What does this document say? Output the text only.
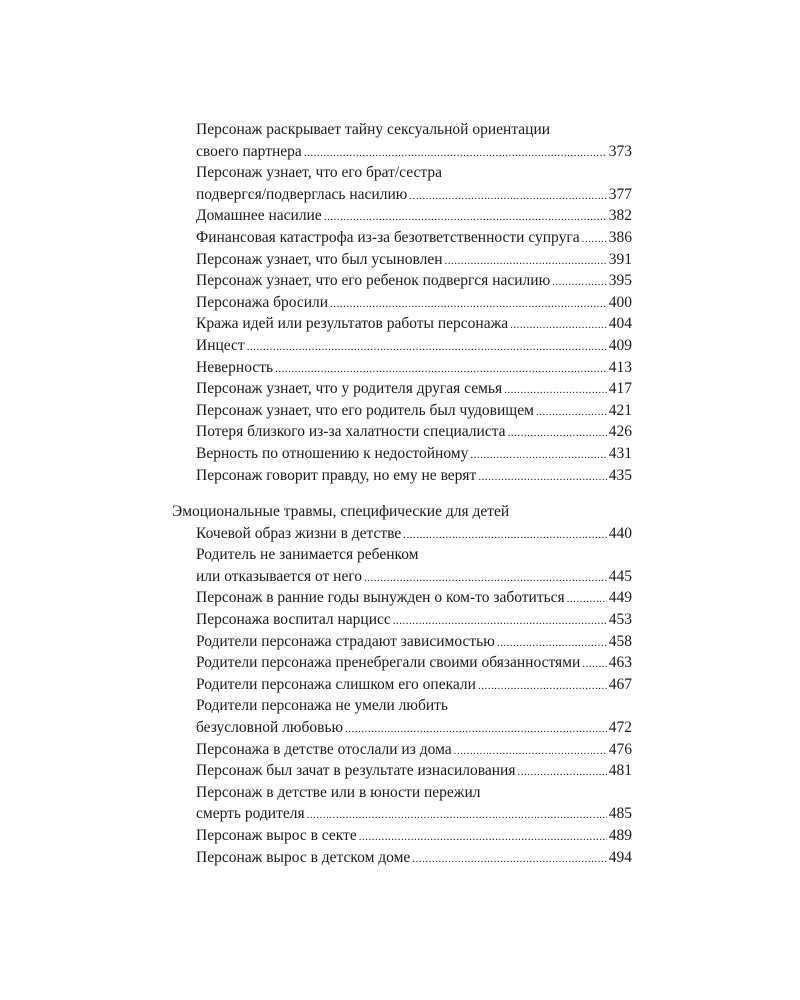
Персонаж раскрывает тайну сексуальной ориентации
своего партнера .....	373
Персонаж узнает, что его брат/сестра
подвергся/подверглась насилию .....	377
Домашнее насилие .....	382
Финансовая катастрофа из-за безответственности супруга ..... 386
Персонаж узнает, что был усыновлен .....	391
Персонаж узнает, что его ребенок подвергся насилию .....	395
Персонажа бросили .....	400
Кража идей или результатов работы персонажа .....	404
Инцест .....	409
Неверность .....	413
Персонаж узнает, что у родителя другая семья .....	417
Персонаж узнает, что его родитель был чудовищем .....	421
Потеря близкого из-за халатности специалиста .....	426
Верность по отношению к недостойному .....	431
Персонаж говорит правду, но ему не верят .....	435
Эмоциональные травмы, специфические для детей
Кочевой образ жизни в детстве .....	440
Родитель не занимается ребенком
или отказывается от него .....	445
Персонаж в ранние годы вынужден о ком-то заботиться .....	449
Персонажа воспитал нарцисс .....	453
Родители персонажа страдают зависимостью .....	458
Родители персонажа пренебрегали своими обязанностями ..... 463
Родители персонажа слишком его опекали .....	467
Родители персонажа не умели любить
безусловной любовью .....	472
Персонажа в детстве отослали из дома .....	476
Персонаж был зачат в результате изнасилования .....	481
Персонаж в детстве или в юности пережил
смерть родителя .....	485
Персонаж вырос в секте .....	489
Персонаж вырос в детском доме .....	494
